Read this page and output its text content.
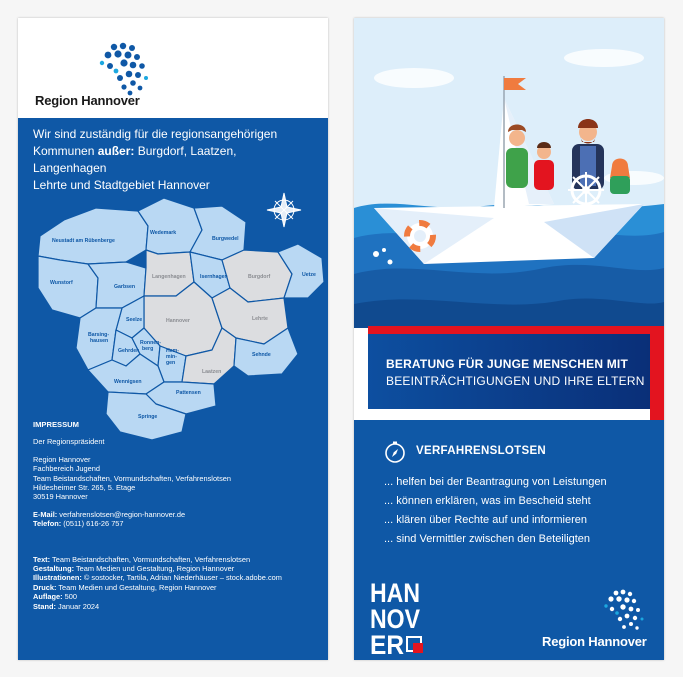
Region Hannover
Wir sind zuständig für die regionsangehörigen
Kommunen außer: Burgdorf, Laatzen, Langenhagen
Lehrte und Stadtgebiet Hannover
Neustadt am Rübenberge
Wedemark
Burgwedel
Wunstorf
Garbsen
Langenhagen	Isernhagen	Burgdorf	Uetze
Hannover	Lehrte
Seelze
Barsing-
hausen
Gehrden
Ronnen-
berg Hem-
min-
gen
Laatzen
Sehnde
Wennigsen
Pattensen
Springe
IMPRESSUM
Der Regionspräsident
Region Hannover
Fachbereich Jugend
Team Beistandschaften, Vormundschaften, Verfahrenslotsen
Hildesheimer Str. 265, 5. Etage
30519 Hannover
E-Mail: verfahrenslotsen@region-hannover.de
Telefon: (0511) 616-26 757
Text: Team Beistandschaften, Vormundschaften, Verfahrenslotsen
Gestaltung: Team Medien und Gestaltung, Region Hannover
Illustrationen: © sostocker, Tartila, Adrian Niederhäuser – stock.adobe.com
Druck: Team Medien und Gestaltung, Region Hannover
Auflage: 500
Stand: Januar 2024
BERATUNG FÜR JUNGE MENSCHEN MIT
BEEINTRÄCHTIGUNGEN UND IHRE ELTERN
VERFAHRENSLOTSEN
... helfen bei der Beantragung von Leistungen
... können erklären, was im Bescheid steht
... klären über Rechte auf und informieren
... sind Vermittler zwischen den Beteiligten
HAN
NOV
ER	Region Hannover
